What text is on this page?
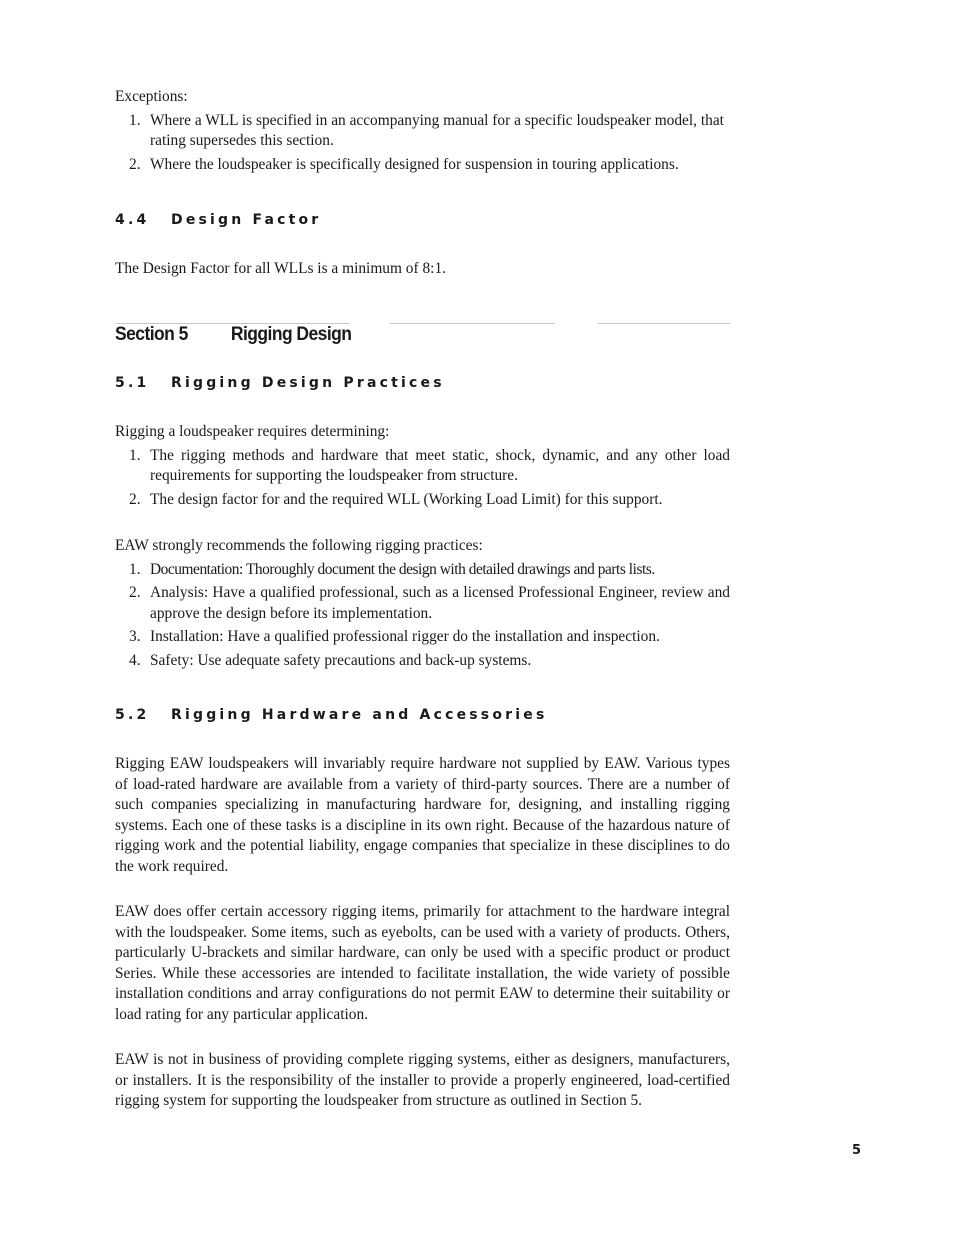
Exceptions:

1. Where a WLL is specified in an accompanying manual for a specific loudspeaker model, that rating supersedes this section.
2. Where the loudspeaker is specifically designed for suspension in touring applications.

4.4 Design Factor

The Design Factor for all WLLs is a minimum of 8:1.

Section 5 Rigging Design

5.1 Rigging Design Practices

Rigging a loudspeaker requires determining:

1. The rigging methods and hardware that meet static, shock, dynamic, and any other load requirements for supporting the loudspeaker from structure.
2. The design factor for and the required WLL (Working Load Limit) for this support.

EAW strongly recommends the following rigging practices:

1. Documentation: Thoroughly document the design with detailed drawings and parts lists.
2. Analysis: Have a qualified professional, such as a licensed Professional Engineer, review and approve the design before its implementation.
3. Installation: Have a qualified professional rigger do the installation and inspection.
4. Safety: Use adequate safety precautions and back-up systems.

5.2 Rigging Hardware and Accessories

Rigging EAW loudspeakers will invariably require hardware not supplied by EAW. Various types of load-rated hardware are available from a variety of third-party sources. There are a number of such companies specializing in manufacturing hardware for, designing, and installing rigging systems. Each one of these tasks is a discipline in its own right. Because of the hazardous nature of rigging work and the potential liability, engage companies that specialize in these disciplines to do the work required.

EAW does offer certain accessory rigging items, primarily for attachment to the hardware integral with the loudspeaker. Some items, such as eyebolts, can be used with a variety of products. Others, particularly U-brackets and similar hardware, can only be used with a specific product or product Series. While these accessories are intended to facilitate installation, the wide variety of possible installation conditions and array configurations do not permit EAW to determine their suitability or load rating for any particular application.

EAW is not in business of providing complete rigging systems, either as designers, manufacturers, or installers. It is the responsibility of the installer to provide a properly engineered, load-certified rigging system for supporting the loudspeaker from structure as outlined in Section 5.

5
